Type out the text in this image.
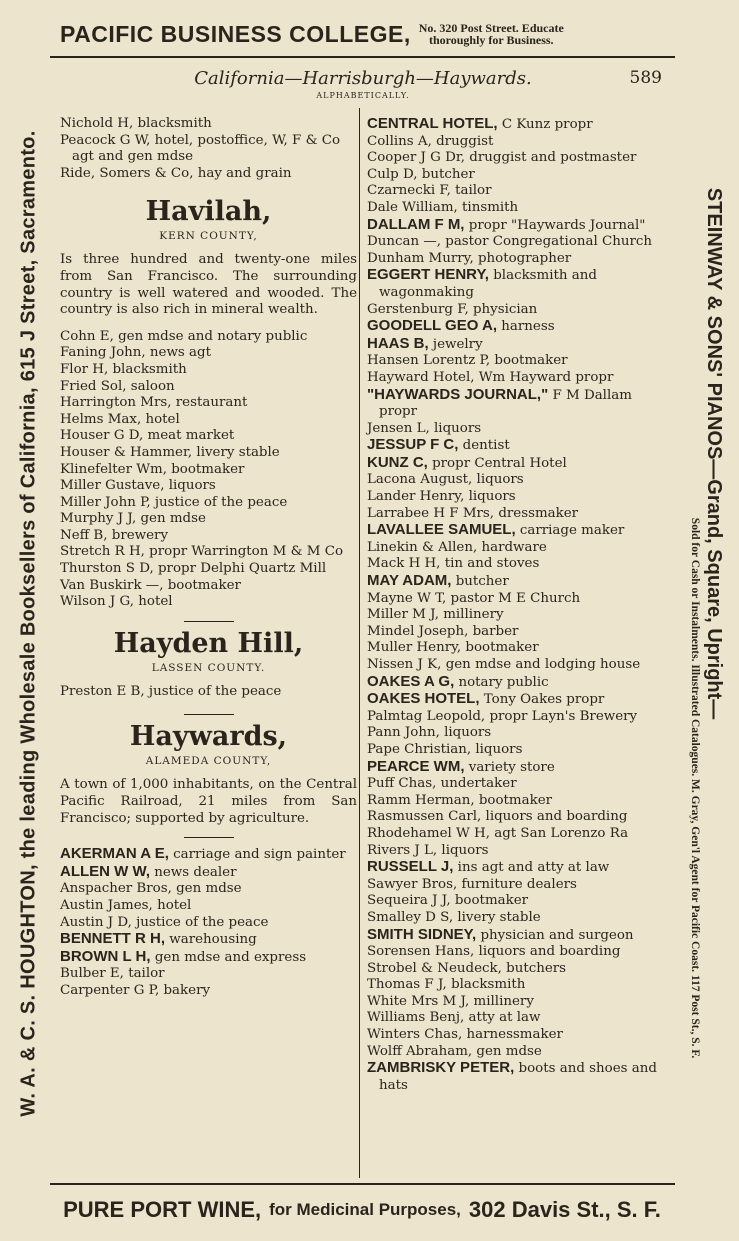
PACIFIC BUSINESS COLLEGE, No. 320 Post Street. Educate
thoroughly for Business.
W. A. & C. S. HOUGHTON, the leading Wholesale Booksellers of California, 615 J Street, Sacramento.	STEINWAY & SONS' PIANOS—Grand, Square, Upright—
Sold for Cash or Instalments. Illustrated Catalogues. M. Gray, Gen'l Agent for Pacific Coast. 117 Post St., S. F.
California—Harrisburgh—Haywards.	589
ALPHABETICALLY.
Nichold H, blacksmith
Peacock G W, hotel, postoffice, W, F & Co agt and gen mdse
Ride, Somers & Co, hay and grain
Havilah,
KERN COUNTY,
Is three hundred and twenty-one miles from San Francisco. The surrounding country is well watered and wooded. The country is also rich in mineral wealth.
Cohn E, gen mdse and notary public
Faning John, news agt
Flor H, blacksmith
Fried Sol, saloon
Harrington Mrs, restaurant
Helms Max, hotel
Houser G D, meat market
Houser & Hammer, livery stable
Klinefelter Wm, bootmaker
Miller Gustave, liquors
Miller John P, justice of the peace
Murphy J J, gen mdse
Neff B, brewery
Stretch R H, propr Warrington M & M Co
Thurston S D, propr Delphi Quartz Mill
Van Buskirk —, bootmaker
Wilson J G, hotel
Hayden Hill,
LASSEN COUNTY.
Preston E B, justice of the peace
Haywards,
ALAMEDA COUNTY,
A town of 1,000 inhabitants, on the Central Pacific Railroad, 21 miles from San Francisco; supported by agriculture.
AKERMAN A E, carriage and sign painter
ALLEN W W, news dealer
Anspacher Bros, gen mdse
Austin James, hotel
Austin J D, justice of the peace
BENNETT R H, warehousing
BROWN L H, gen mdse and express
Bulber E, tailor
Carpenter G P, bakery
CENTRAL HOTEL, C Kunz propr
Collins A, druggist
Cooper J G Dr, druggist and postmaster
Culp D, butcher
Czarnecki F, tailor
Dale William, tinsmith
DALLAM F M, propr "Haywards Journal"
Duncan —, pastor Congregational Church
Dunham Murry, photographer
EGGERT HENRY, blacksmith and wagonmaking
Gerstenburg F, physician
GOODELL GEO A, harness
HAAS B, jewelry
Hansen Lorentz P, bootmaker
Hayward Hotel, Wm Hayward propr
"HAYWARDS JOURNAL," F M Dallam propr
Jensen L, liquors
JESSUP F C, dentist
KUNZ C, propr Central Hotel
Lacona August, liquors
Lander Henry, liquors
Larrabee H F Mrs, dressmaker
LAVALLEE SAMUEL, carriage maker
Linekin & Allen, hardware
Mack H H, tin and stoves
MAY ADAM, butcher
Mayne W T, pastor M E Church
Miller M J, millinery
Mindel Joseph, barber
Muller Henry, bootmaker
Nissen J K, gen mdse and lodging house
OAKES A G, notary public
OAKES HOTEL, Tony Oakes propr
Palmtag Leopold, propr Layn's Brewery
Pann John, liquors
Pape Christian, liquors
PEARCE WM, variety store
Puff Chas, undertaker
Ramm Herman, bootmaker
Rasmussen Carl, liquors and boarding
Rhodehamel W H, agt San Lorenzo Ra
Rivers J L, liquors
RUSSELL J, ins agt and atty at law
Sawyer Bros, furniture dealers
Sequeira J J, bootmaker
Smalley D S, livery stable
SMITH SIDNEY, physician and surgeon
Sorensen Hans, liquors and boarding
Strobel & Neudeck, butchers
Thomas F J, blacksmith
White Mrs M J, millinery
Williams Benj, atty at law
Winters Chas, harnessmaker
Wolff Abraham, gen mdse
ZAMBRISKY PETER, boots and shoes and hats
PURE PORT WINE, for Medicinal Purposes, 302 Davis St., S. F.
